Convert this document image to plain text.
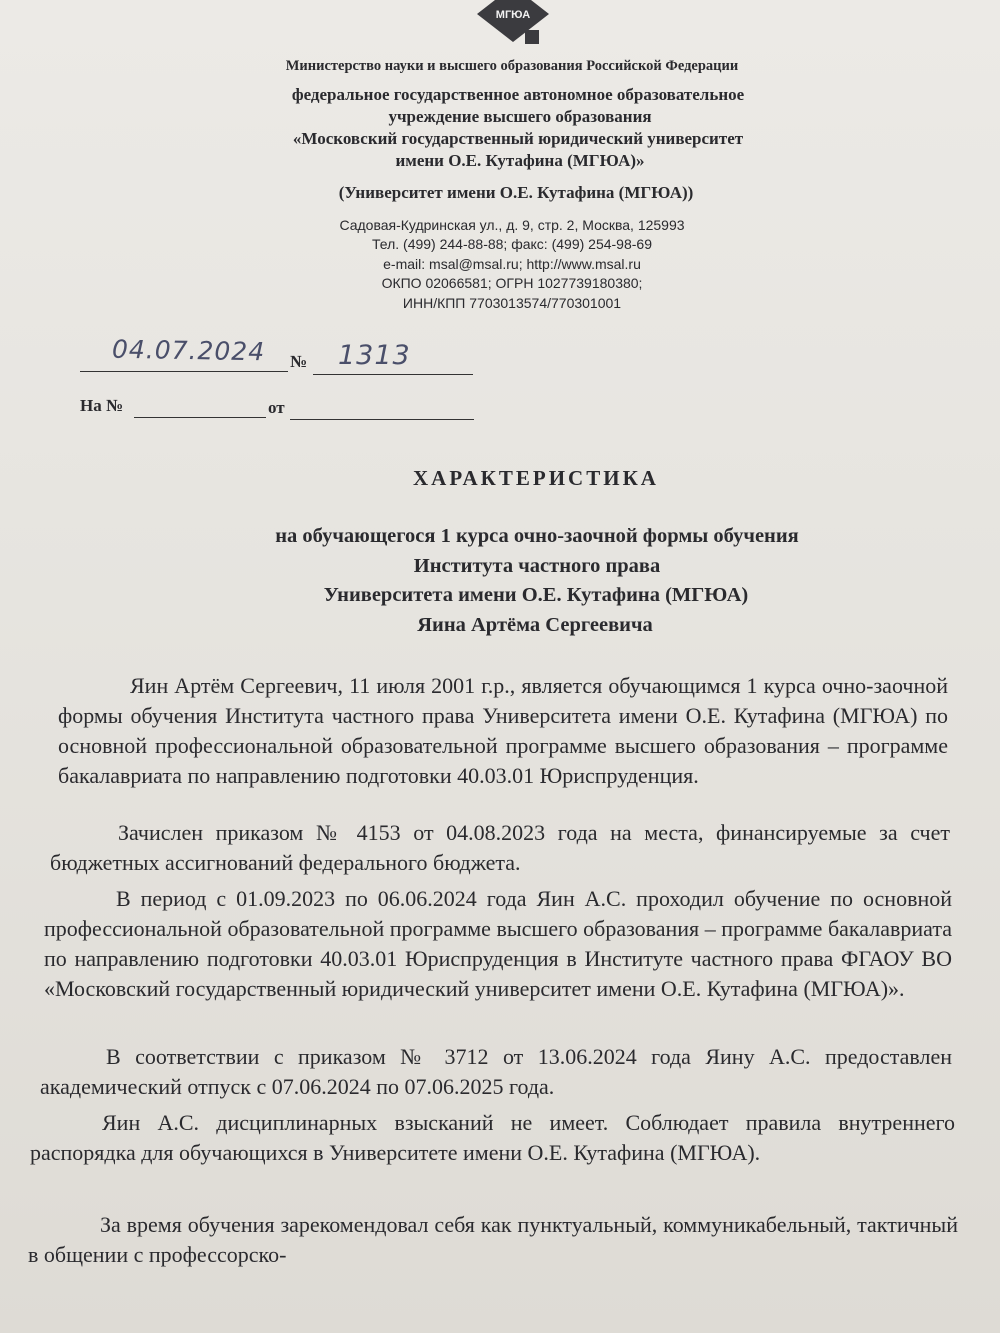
МГЮА

Министерство науки и высшего образования Российской Федерации

федеральное государственное автономное образовательное

учреждение высшего образования

«Московский государственный юридический университет

имени О.Е. Кутафина (МГЮА)»

(Университет имени О.Е. Кутафина (МГЮА))

Садовая-Кудринская ул., д. 9, стр. 2, Москва, 125993

Тел. (499) 244-88-88; факс: (499) 254-98-69

e-mail: msal@msal.ru; http://www.msal.ru

ОКПО 02066581; ОГРН 1027739180380;

ИНН/КПП 7703013574/770301001

04.07.2024 № 1313
На №	от

ХАРАКТЕРИСТИКА

на обучающегося 1 курса очно-заочной формы обучения

Института частного права

Университета имени О.Е. Кутафина (МГЮА)

Яина Артёма Сергеевича

Яин Артём Сергеевич, 11 июля 2001 г.р., является обучающимся 1 курса очно-заочной формы обучения Института частного права Университета имени О.Е. Кутафина (МГЮА) по основной профессиональной образовательной программе высшего образования – программе бакалавриата по направлению подготовки 40.03.01 Юриспруденция.

Зачислен приказом № 4153 от 04.08.2023 года на места, финансируемые за счет бюджетных ассигнований федерального бюджета.

В период с 01.09.2023 по 06.06.2024 года Яин А.С. проходил обучение по основной профессиональной образовательной программе высшего образования – программе бакалавриата по направлению подготовки 40.03.01 Юриспруденция в Институте частного права ФГАОУ ВО «Московский государственный юридический университет имени О.Е. Кутафина (МГЮА)».

В соответствии с приказом № 3712 от 13.06.2024 года Яину А.С. предоставлен академический отпуск с 07.06.2024 по 07.06.2025 года.

Яин А.С. дисциплинарных взысканий не имеет. Соблюдает правила внутреннего распорядка для обучающихся в Университете имени О.Е. Кутафина (МГЮА).

За время обучения зарекомендовал себя как пунктуальный, коммуникабельный, тактичный в общении с профессорско-
